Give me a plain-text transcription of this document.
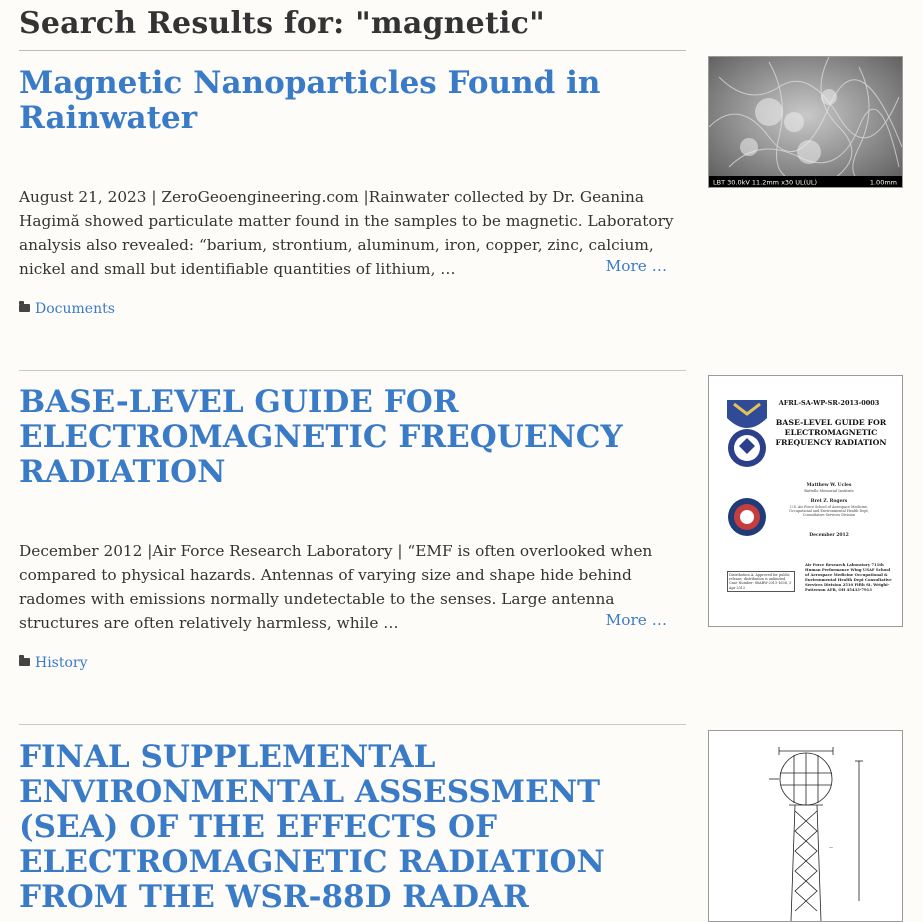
Search Results for: "magnetic"
Magnetic Nanoparticles Found in Rainwater

August 21, 2023 | ZeroGeoengineering.com |Rainwater collected by Dr. Geanina Hagimă showed particulate matter found in the samples to be magnetic. Laboratory analysis also revealed: “barium, strontium, aluminum, iron, copper, zinc, calcium, nickel and small but identifiable quantities of lithium, …	More …
Documents
LBT 30.0kV 11.2mm x30 UL(UL)	1.00mm
BASE-LEVEL GUIDE FOR ELECTROMAGNETIC FREQUENCY RADIATION

December 2012 |Air Force Research Laboratory | “EMF is often overlooked when compared to physical hazards. Antennas of varying size and shape hide behind radomes with emissions normally undetectable to the senses. Large antenna structures are often relatively harmless, while …	More …
History
AFRL-SA-WP-SR-2013-0003
BASE-LEVEL GUIDE FOR ELECTROMAGNETIC FREQUENCY RADIATION
Matthew W. Ucles
Battelle Memorial Institute
Bret Z. Rogers
U.S. Air Force School of Aerospace Medicine, Occupational and Environmental Health Dept, Consultative Services Division
December 2012
Distribution A: Approved for public release; distribution is unlimited. Case Number: 88ABW-2013-1638, 3 Apr 2013
Air Force Research Laboratory 711th Human Performance Wing USAF School of Aerospace Medicine Occupational & Environmental Health Dept Consultative Services Division 2510 Fifth St. Wright-Patterson AFB, OH 45433-7913
FINAL SUPPLEMENTAL ENVIRONMENTAL ASSESSMENT (SEA) OF THE EFFECTS OF ELECTROMAGNETIC RADIATION FROM THE WSR-88D RADAR
—
